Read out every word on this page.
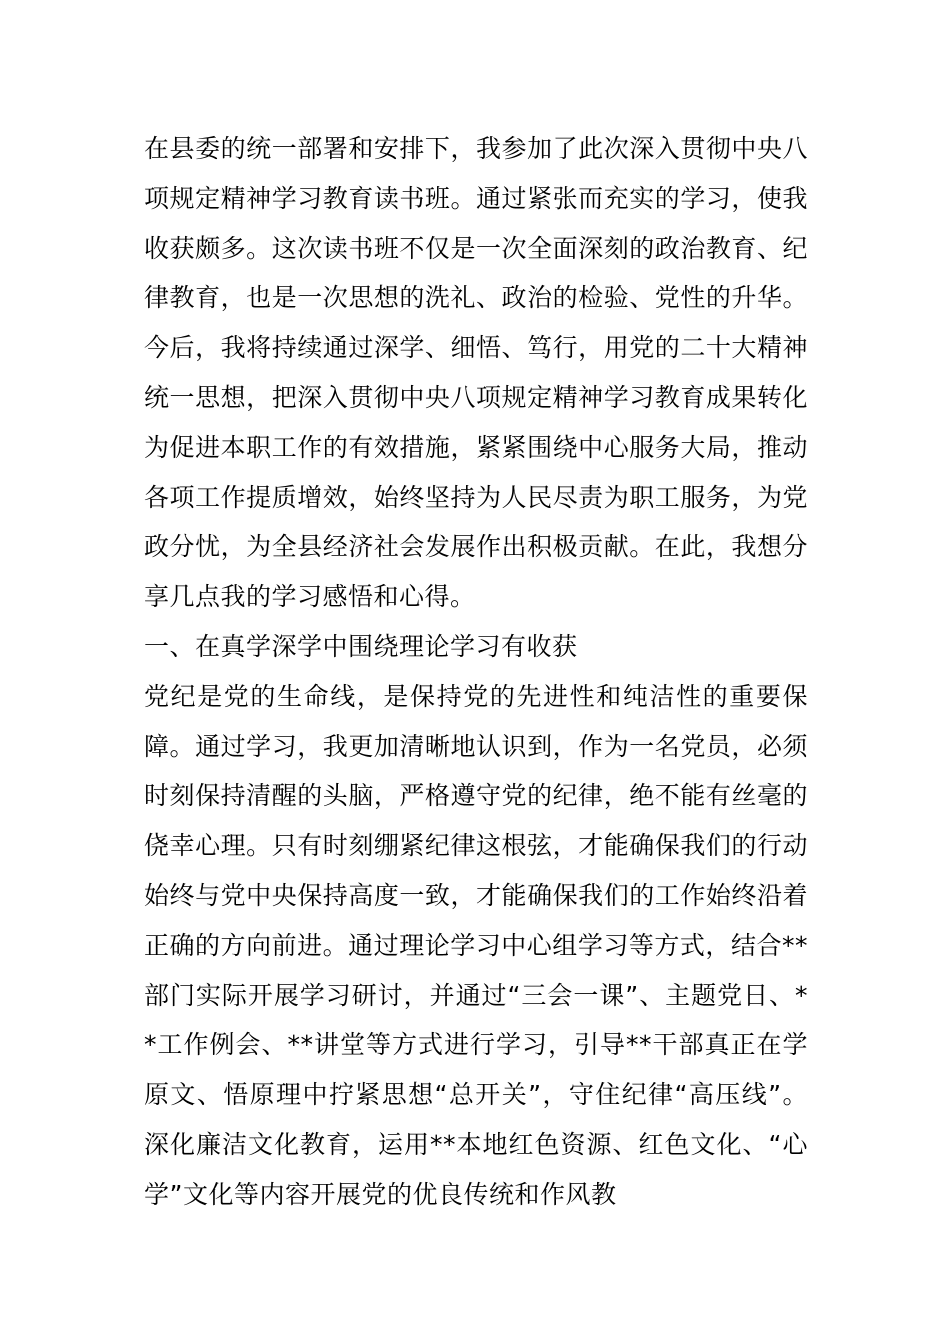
在县委的统一部署和安排下，我参加了此次深入贯彻中央八项规定精神学习教育读书班。通过紧张而充实的学习，使我收获颇多。这次读书班不仅是一次全面深刻的政治教育、纪律教育，也是一次思想的洗礼、政治的检验、党性的升华。今后，我将持续通过深学、细悟、笃行，用党的二十大精神统一思想，把深入贯彻中央八项规定精神学习教育成果转化为促进本职工作的有效措施，紧紧围绕中心服务大局，推动各项工作提质增效，始终坚持为人民尽责为职工服务，为党政分忧，为全县经济社会发展作出积极贡献。在此，我想分享几点我的学习感悟和心得。

一、在真学深学中围绕理论学习有收获

党纪是党的生命线，是保持党的先进性和纯洁性的重要保障。通过学习，我更加清晰地认识到，作为一名党员，必须时刻保持清醒的头脑，严格遵守党的纪律，绝不能有丝毫的侥幸心理。只有时刻绷紧纪律这根弦，才能确保我们的行动始终与党中央保持高度一致，才能确保我们的工作始终沿着正确的方向前进。通过理论学习中心组学习等方式，结合**部门实际开展学习研讨，并通过“三会一课”、主题党日、**工作例会、**讲堂等方式进行学习，引导**干部真正在学原文、悟原理中拧紧思想“总开关”，守住纪律“高压线”。深化廉洁文化教育，运用**本地红色资源、红色文化、“心学”文化等内容开展党的优良传统和作风教
